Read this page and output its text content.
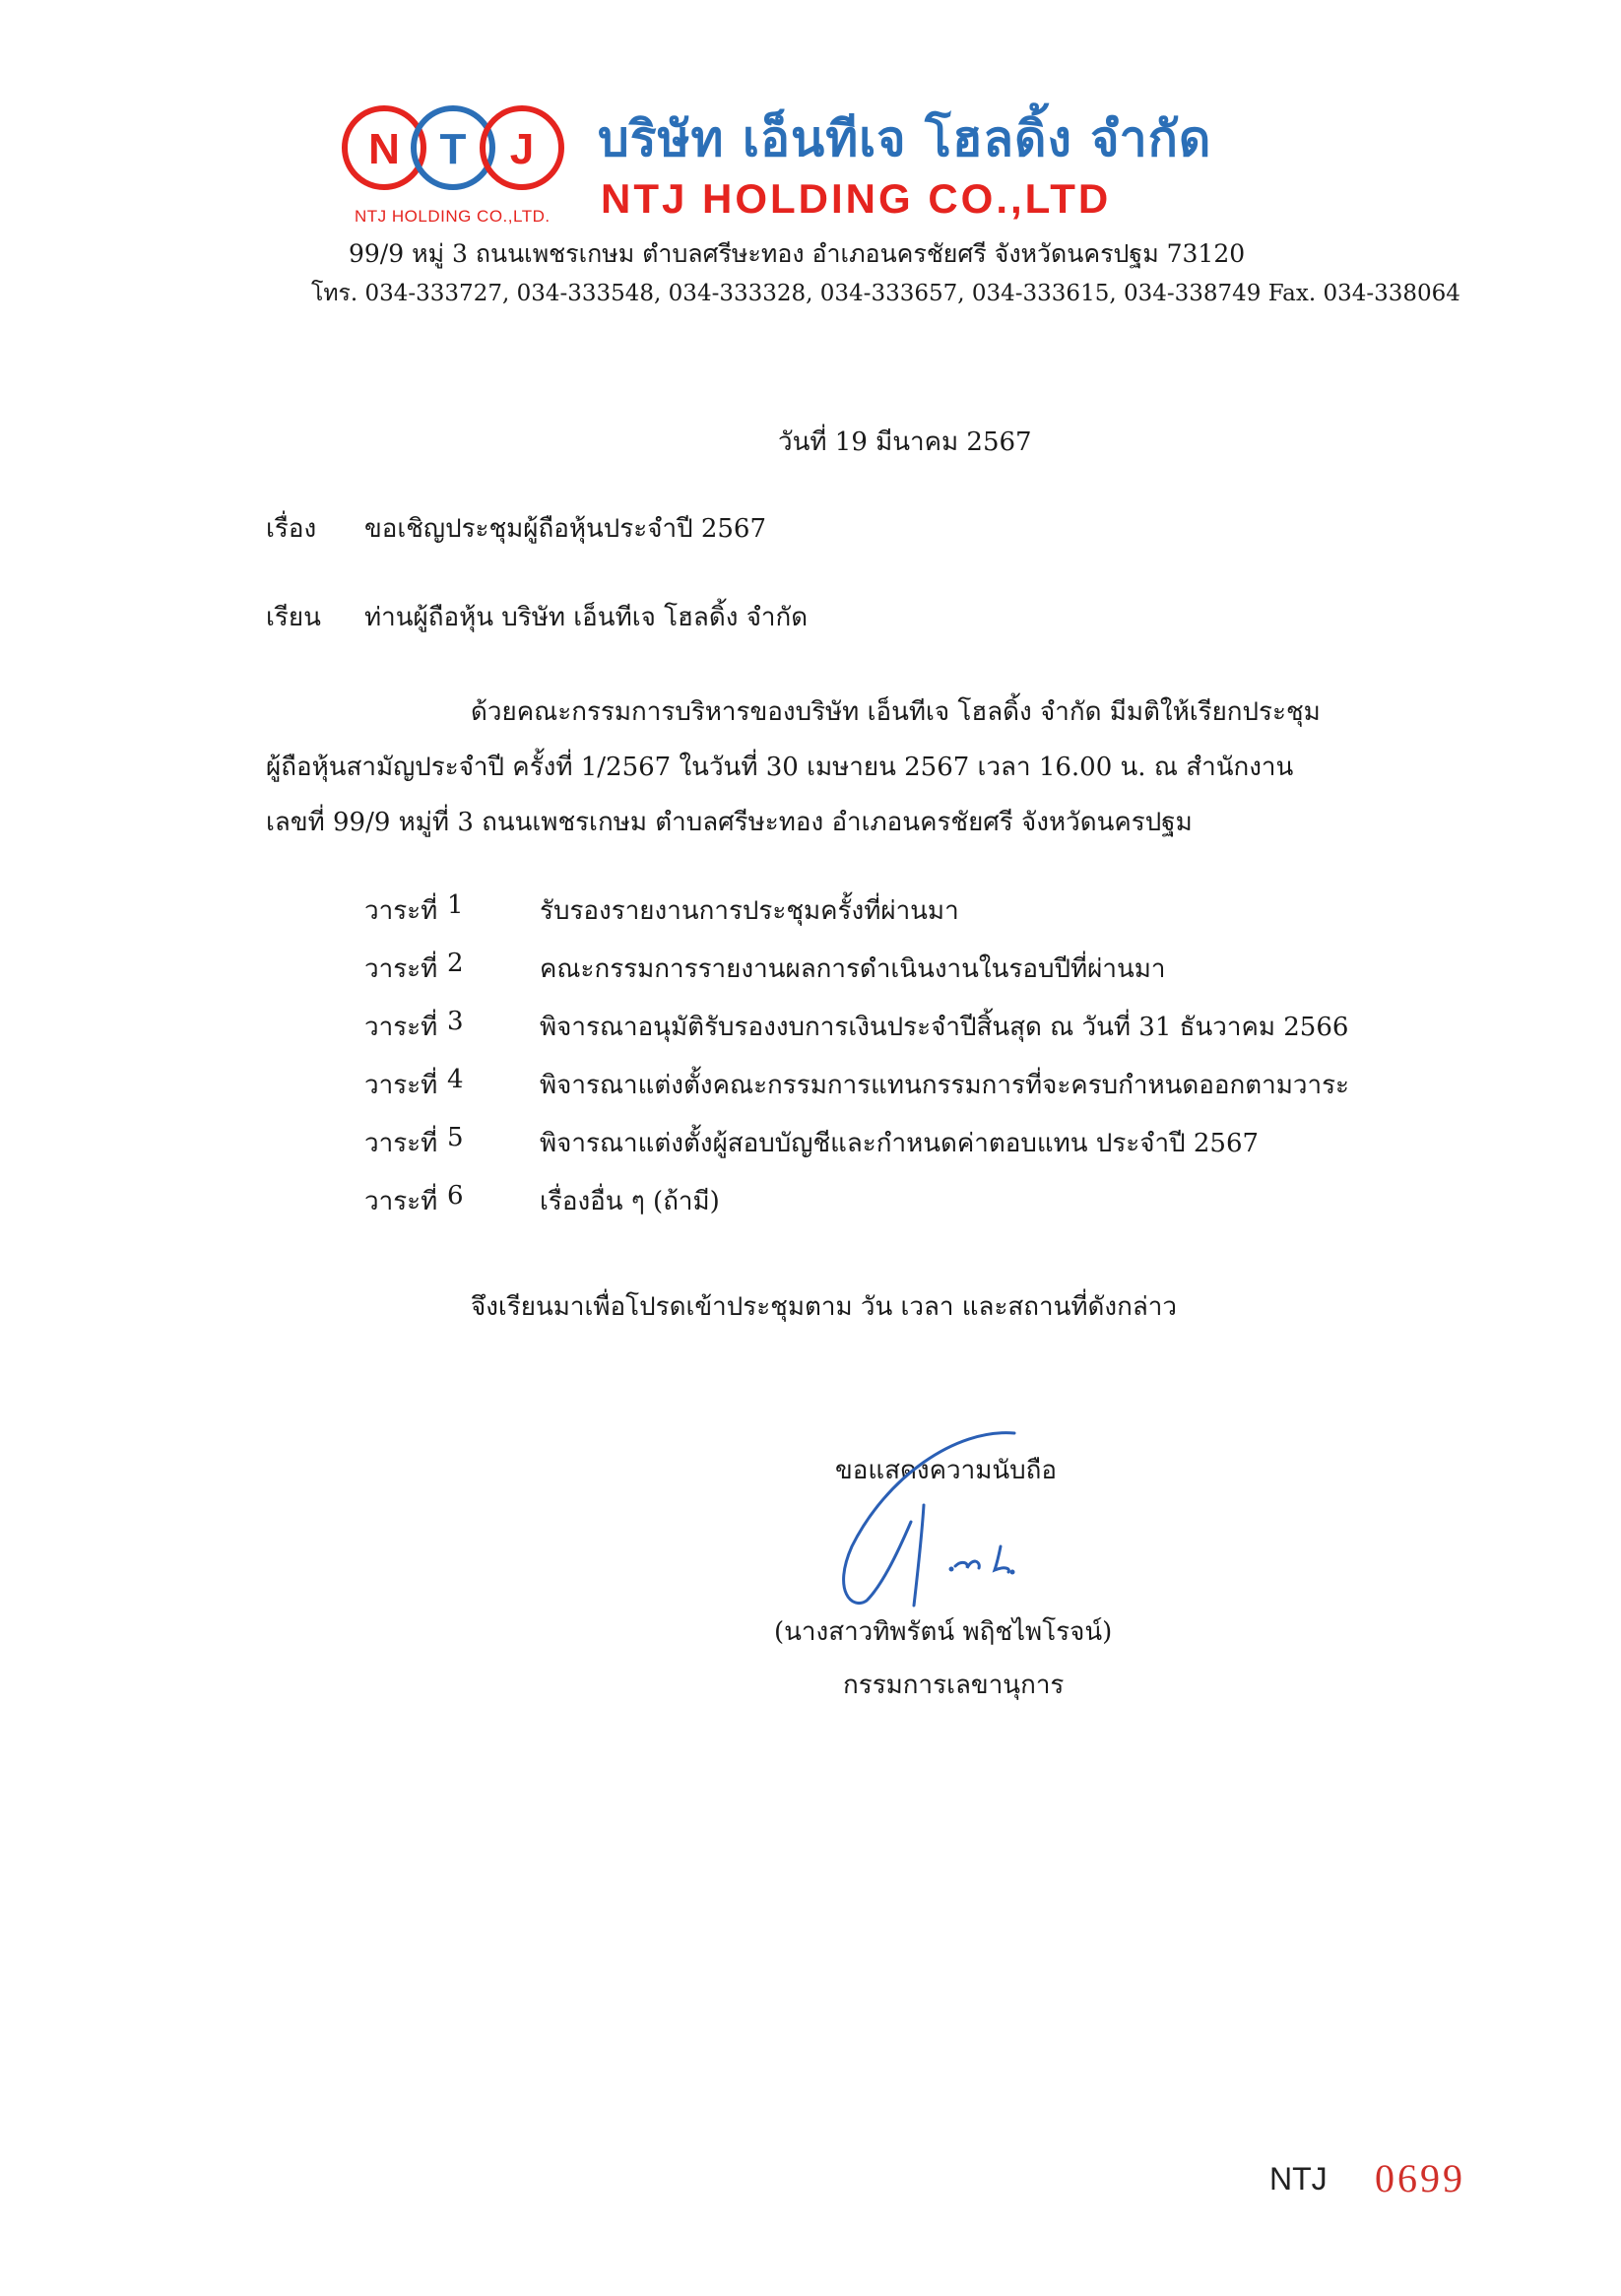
N T J
NTJ HOLDING CO.,LTD.
บริษัท เอ็นทีเจ โฮลดิ้ง จำกัด
NTJ HOLDING CO.,LTD
99/9 หมู่ 3 ถนนเพชรเกษม ตำบลศรีษะทอง อำเภอนครชัยศรี จังหวัดนครปฐม 73120
โทร. 034-333727, 034-333548, 034-333328, 034-333657, 034-333615, 034-338749 Fax. 034-338064
วันที่ 19 มีนาคม 2567
เรื่อง ขอเชิญประชุมผู้ถือหุ้นประจำปี 2567
เรียน ท่านผู้ถือหุ้น บริษัท เอ็นทีเจ โฮลดิ้ง จำกัด
ด้วยคณะกรรมการบริหารของบริษัท เอ็นทีเจ โฮลดิ้ง จำกัด มีมติให้เรียกประชุม
ผู้ถือหุ้นสามัญประจำปี ครั้งที่ 1/2567 ในวันที่ 30 เมษายน 2567 เวลา 16.00 น. ณ สำนักงาน
เลขที่ 99/9 หมู่ที่ 3 ถนนเพชรเกษม ตำบลศรีษะทอง อำเภอนครชัยศรี จังหวัดนครปฐม
วาระที่ 1	รับรองรายงานการประชุมครั้งที่ผ่านมา
วาระที่ 2	คณะกรรมการรายงานผลการดำเนินงานในรอบปีที่ผ่านมา
วาระที่ 3	พิจารณาอนุมัติรับรองงบการเงินประจำปีสิ้นสุด ณ วันที่ 31 ธันวาคม 2566
วาระที่ 4	พิจารณาแต่งตั้งคณะกรรมการแทนกรรมการที่จะครบกำหนดออกตามวาระ
วาระที่ 5	พิจารณาแต่งตั้งผู้สอบบัญชีและกำหนดค่าตอบแทน ประจำปี 2567
วาระที่ 6	เรื่องอื่น ๆ (ถ้ามี)
จึงเรียนมาเพื่อโปรดเข้าประชุมตาม วัน เวลา และสถานที่ดังกล่าว
ขอแสดงความนับถือ
(นางสาวทิพรัตน์ พฤิชไพโรจน์)
กรรมการเลขานุการ
NTJ 0699
